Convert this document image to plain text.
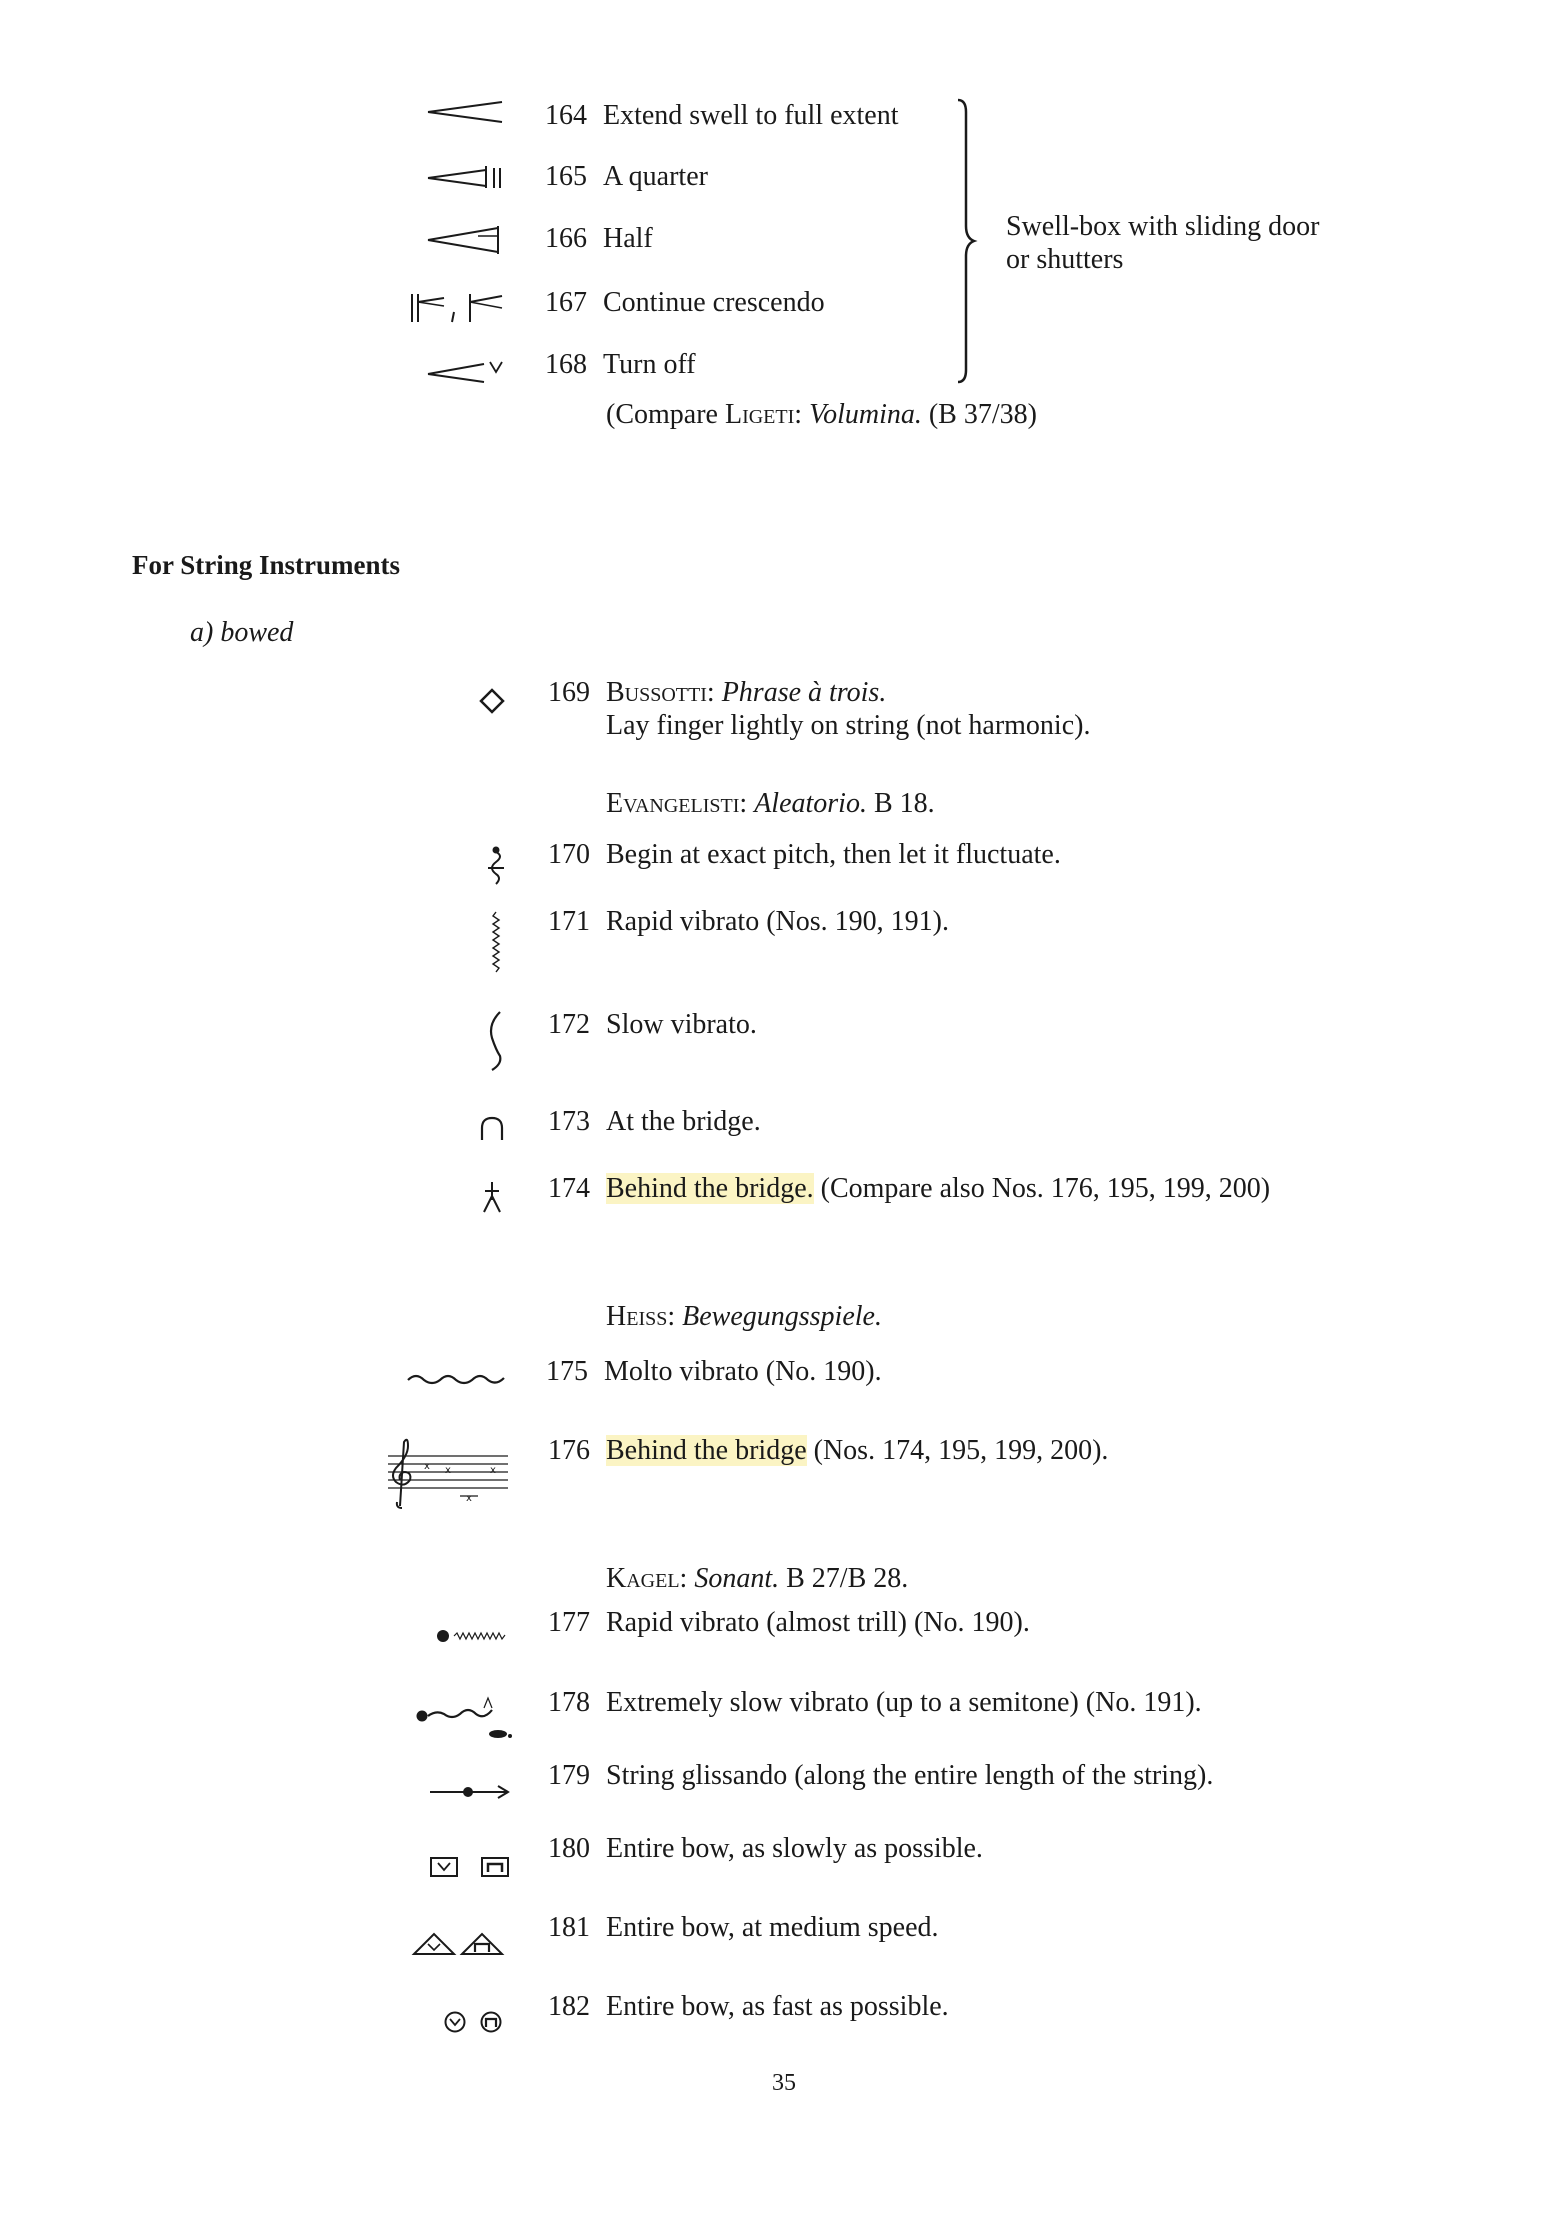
164 Extend swell to full extent
165 A quarter
166 Half
167 Continue crescendo
168 Turn off
Swell-box with sliding door or shutters
(Compare Ligeti: Volumina. (B 37/38)
For String Instruments
a) bowed
169 Bussotti: Phrase à trois.
Lay finger lightly on string (not harmonic).
Evangelisti: Aleatorio. B 18.
170 Begin at exact pitch, then let it fluctuate.
171 Rapid vibrato (Nos. 190, 191).
172 Slow vibrato.
173 At the bridge.
174 Behind the bridge. (Compare also Nos. 176, 195, 199, 200)
Heiss: Bewegungsspiele.
175 Molto vibrato (No. 190).
x x
x
x
176 Behind the bridge (Nos. 174, 195, 199, 200).
Kagel: Sonant. B 27/B 28.
177 Rapid vibrato (almost trill) (No. 190).
178 Extremely slow vibrato (up to a semitone) (No. 191).
179 String glissando (along the entire length of the string).
180 Entire bow, as slowly as possible.
181 Entire bow, at medium speed.
182 Entire bow, as fast as possible.
35
